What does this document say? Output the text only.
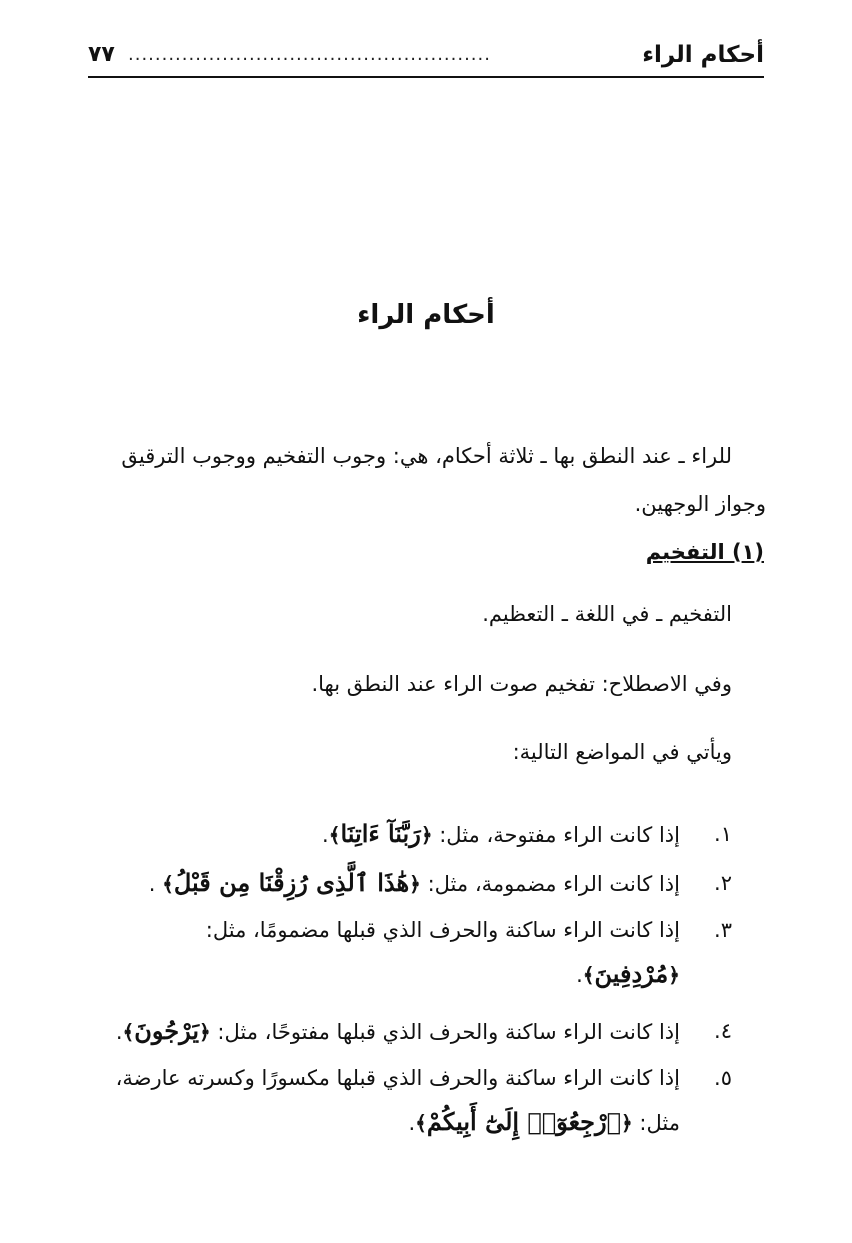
أحكام الراء
......................................................
٧٧
أحكام الراء
للراء ـ عند النطق بها ـ ثلاثة أحكام، هي: وجوب التفخيم ووجوب الترقيق
وجواز الوجهين.
(١) التفخيم
التفخيم ـ في اللغة ـ التعظيم.
وفي الاصطلاح: تفخيم صوت الراء عند النطق بها.
ويأتي في المواضع التالية:
١.
إذا كانت الراء مفتوحة، مثل: ﴿رَبَّنَآ ءَاتِنَا﴾.
٢.
إذا كانت الراء مضمومة، مثل: ﴿هَٰذَا ٱلَّذِى رُزِقْنَا مِن قَبْلُ﴾ .
٣.
إذا كانت الراء ساكنة والحرف الذي قبلها مضمومًا، مثل:
﴿مُرْدِفِينَ﴾.
٤.
إذا كانت الراء ساكنة والحرف الذي قبلها مفتوحًا، مثل: ﴿يَرْجُونَ﴾.
٥.
إذا كانت الراء ساكنة والحرف الذي قبلها مكسورًا وكسرته عارضة،
مثل: ﴿ٱرْجِعُوٓا۟ إِلَىٰٓ أَبِيكُمْ﴾.
